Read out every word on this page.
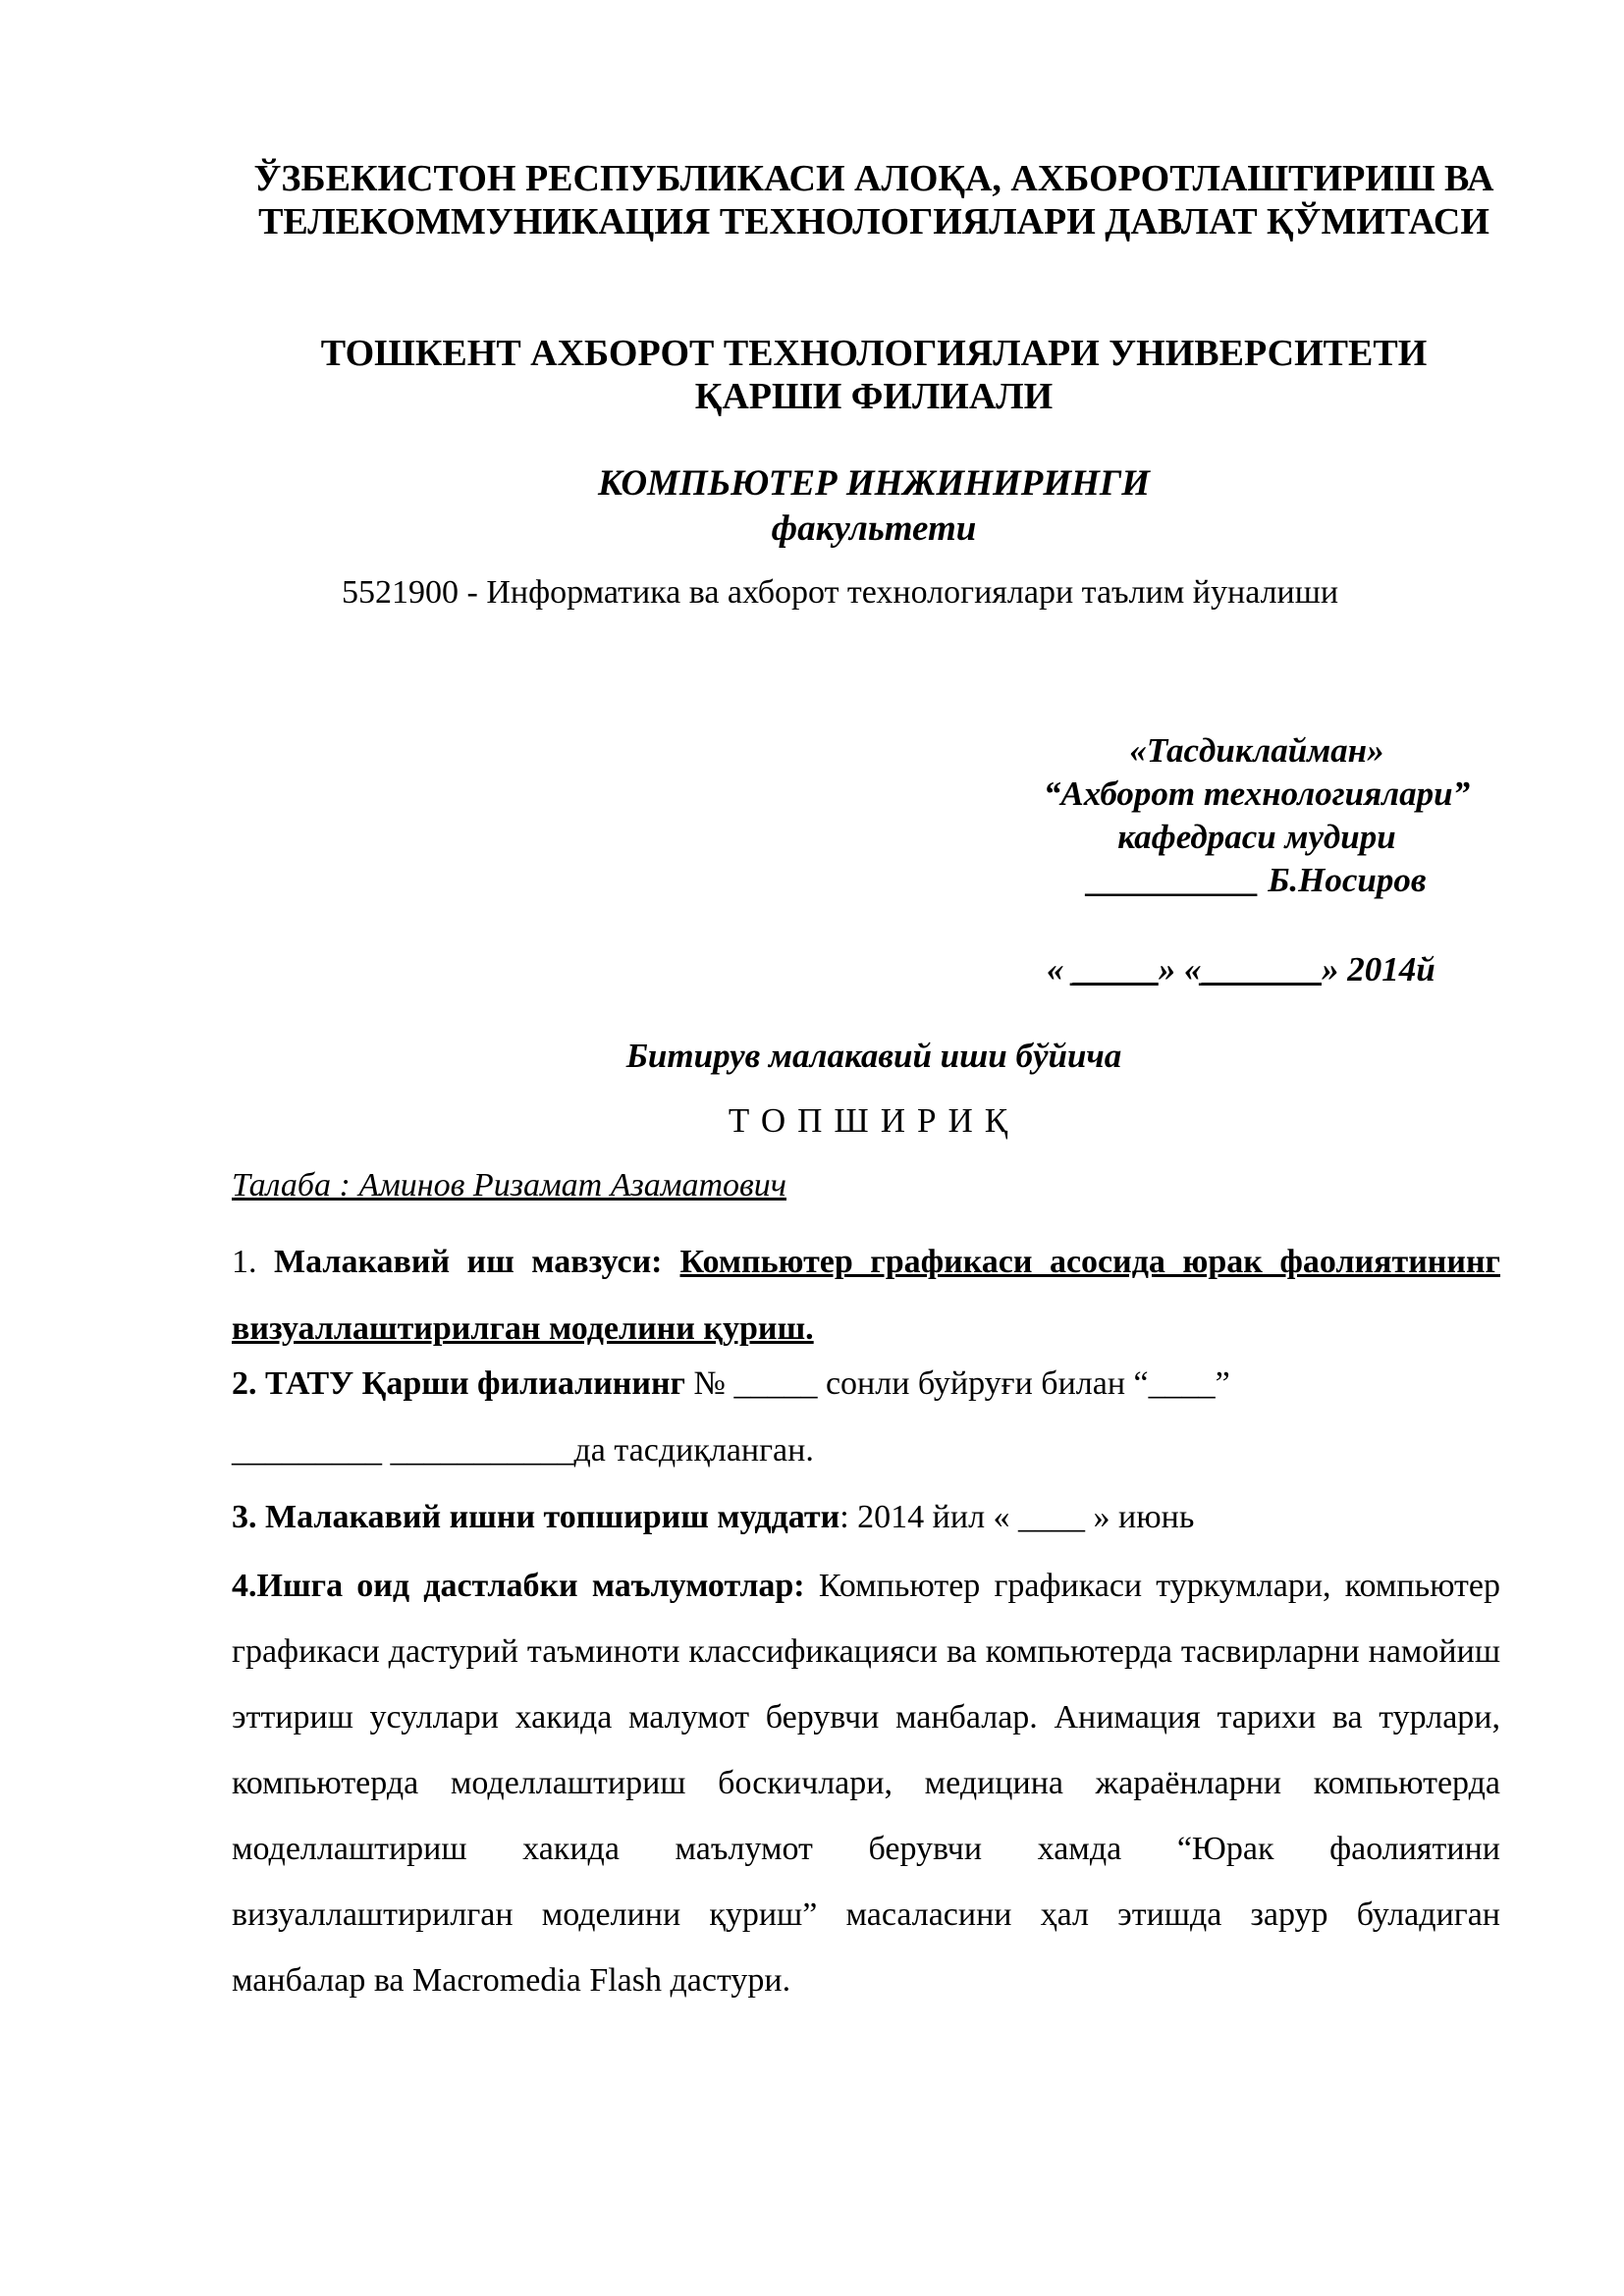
ЎЗБЕКИСТОН РЕСПУБЛИКАСИ АЛОҚА, АХБОРОТЛАШТИРИШ ВА ТЕЛЕКОММУНИКАЦИЯ ТЕХНОЛОГИЯЛАРИ ДАВЛАТ ҚЎМИТАСИ
ТОШКЕНТ АХБОРОТ ТЕХНОЛОГИЯЛАРИ УНИВЕРСИТЕТИ
ҚАРШИ ФИЛИАЛИ
КОМПЬЮТЕР ИНЖИНИРИНГИ
факультети
5521900 - Информатика ва ахборот технологиялари таълим йуналиши
«Тасдиклайман»
“Ахборот технологиялари”
кафедраси мудири
__________ Б.Носиров
« _____» «_______» 2014й
Битирув малакавий иши бўйича
ТОПШИРИҚ
Талаба : Аминов Ризамат Азаматович
1. Малакавий иш мавзуси: Компьютер графикаси асосида юрак фаолиятининг визуаллаштирилган моделини қуриш.
2. ТАТУ Қарши филиалининг № _____ сонли буйруғи билан “____”
_________ ___________да тасдиқланган.
3. Малакавий ишни топшириш муддати: 2014 йил « ____ » июнь
4.Ишга оид дастлабки маълумотлар: Компьютер графикаси туркумлари, компьютер графикаси дастурий таъминоти классификацияси ва компьютерда тасвирларни намойиш эттириш усуллари хакида малумот берувчи манбалар. Анимация тарихи ва турлари, компьютерда моделлаштириш боскичлари, медицина жараёнларни компьютерда моделлаштириш хакида маълумот берувчи хамда “Юрак фаолиятини визуаллаштирилган моделини қуриш” масаласини ҳал этишда зарур буладиган манбалар ва Macromedia Flash дастури.
